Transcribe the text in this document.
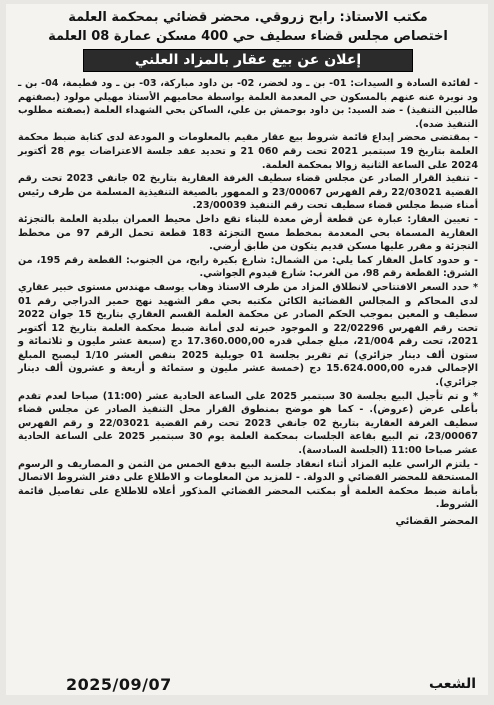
مكتب الاستاذ: رابح زروقي. محضر قضائي بمحكمة العلمة
اختصاص مجلس قضاء سطيف حي 400 مسكن عمارة 08 العلمة
إعلان عن بيع عقار بالمزاد العلني

- لفائدة السادة و السيدات: 01- بن ـ ود لخضر، 02- بن داود مباركة، 03- بن ـ ود فطيمة، 04- بن ـ ود نويرة عنه عنهم بالمسكون حي المعدمة العلمة بواسطة محاميهم الأستاذ مهيلي مولود (بصفتهم طالبين التنفيذ) - ضد السيد: بن داود بوحمش بن علي، الساكن بحي الشهداء العلمة (بصفته مطلوب التنفيذ ضده).

- بمقتضى محضر إيداع قائمة شروط بيع عقار مقيم بالمعلومات و المودعة لدى كتابة ضبط محكمة العلمة بتاريخ 19 سبتمبر 2021 تحت رقم 060 21 و تحديد عقد جلسة الاعتراضات يوم 28 أكتوبر 2024 على الساعة الثانية زوالا بمحكمة العلمة.

- تنفيذ القرار الصادر عن مجلس قضاء سطيف الغرفة العقارية بتاريخ 02 جانفي 2023 تحت رقم القضية 22/03021 رقم الفهرس 23/00067 و الممهور بالصيغة التنفيذية المسلمة من طرف رئيس أمناء ضبط مجلس قضاء سطيف تحت رقم التنفيذ 23/00039.

- تعيين العقار: عبارة عن قطعة أرض معدة للبناء تقع داخل محيط العمران ببلدية العلمة بالتجزئة العقارية المسماة بحي المعدمة بمخطط مسح التجزئة 183 قطعة تحمل الرقم 97 من مخطط التجزئة و مقرر عليها مسكن قديم يتكون من طابق أرضي.

- و حدود كامل العقار كما يلي: من الشمال: شارع بكيرة رابح، من الجنوب: القطعة رقم 195، من الشرق: القطعة رقم 98، من الغرب: شارع قيدوم الجواشي.

* حدد السعر الافتتاحي لانطلاق المزاد من طرف الاستاذ وهاب يوسف مهندس مستوى خبير عقاري لدى المحاكم و المجالس القضائية الكائن مكتبه بحي مقر الشهيد نهج حمير الدراجي رقم 01 سطيف و المعين بموجب الحكم الصادر عن محكمة العلمة القسم العقاري بتاريخ 15 جوان 2022 تحت رقم الفهرس 22/02296 و الموجود خبرته لدى أمانة ضبط محكمة العلمة بتاريخ 12 أكتوبر 2021، تحت رقم 21/004، مبلغ جملي قدره 17.360.000,00 دج (سبعة عشر مليون و ثلاثمائة و ستون ألف دينار جزائري) تم تقرير بجلسة 01 جويلية 2025 بنقص العشر 1/10 ليصبح المبلغ الإجمالي قدره 15.624.000,00 دج (خمسة عشر مليون و ستمائة و أربعة و عشرون ألف دينار جزائري).

* و تم تأجيل البيع بجلسة 30 سبتمبر 2025 على الساعة الحادية عشر (11:00) صباحا لعدم تقدم بأعلى عرض (عروض). - كما هو موضح بمنطوق القرار محل التنفيذ الصادر عن مجلس قضاء سطيف الغرفة العقارية بتاريخ 02 جانفي 2023 تحت رقم القضية 22/03021 و رقم الفهرس 23/00067، تم البيع بقاعة الجلسات بمحكمة العلمة يوم 30 سبتمبر 2025 على الساعة الحادية عشر صباحا 11:00 (الجلسة السادسة).

- يلتزم الراسي عليه المزاد أثناء انعقاد جلسة البيع بدفع الخمس من الثمن و المصاريف و الرسوم المستحقة للمحضر القضائي و الدولة. - للمزيد من المعلومات و الاطلاع على دفتر الشروط الاتصال بأمانة ضبط محكمة العلمة أو بمكتب المحضر القضائي المذكور أعلاه للاطلاع على تفاصيل قائمة الشروط.

المحضر القضائي
الشعب
2025/09/07
